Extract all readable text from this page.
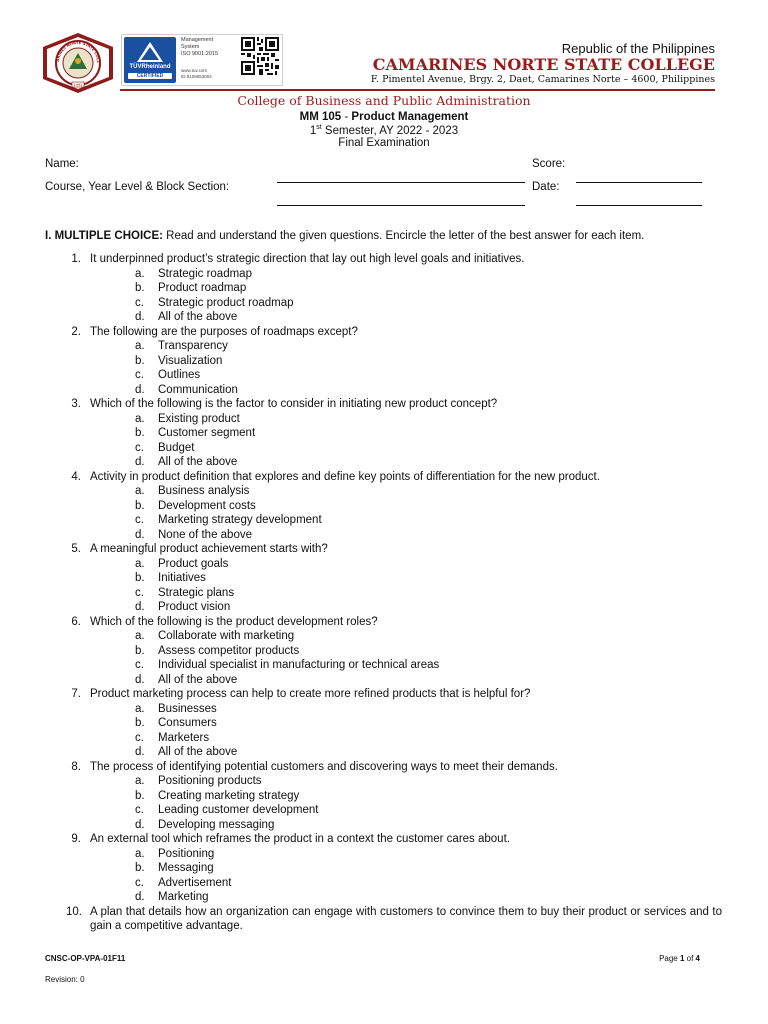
1992
ARINES NORTE STATE COLL
TÜVRheinland
CERTIFIED
Management
System
ISO 9001:2015
www.tuv.com
ID 9108653004
Republic of the Philippines
CAMARINES NORTE STATE COLLEGE
F. Pimentel Avenue, Brgy. 2, Daet, Camarines Norte – 4600, Philippines
College of Business and Public Administration
MM 105 - Product Management
1st Semester, AY 2022 - 2023
Final Examination
Name:	Score:
Course, Year Level & Block Section:	Date:
I. MULTIPLE CHOICE: Read and understand the given questions. Encircle the letter of the best answer for each item.
1. It underpinned product’s strategic direction that lay out high level goals and initiatives.
a. Strategic roadmap
b. Product roadmap
c. Strategic product roadmap
d. All of the above
2. The following are the purposes of roadmaps except?
a. Transparency
b. Visualization
c. Outlines
d. Communication
3. Which of the following is the factor to consider in initiating new product concept?
a. Existing product
b. Customer segment
c. Budget
d. All of the above
4. Activity in product definition that explores and define key points of differentiation for the new product.
a. Business analysis
b. Development costs
c. Marketing strategy development
d. None of the above
5. A meaningful product achievement starts with?
a. Product goals
b. Initiatives
c. Strategic plans
d. Product vision
6. Which of the following is the product development roles?
a. Collaborate with marketing
b. Assess competitor products
c. Individual specialist in manufacturing or technical areas
d. All of the above
7. Product marketing process can help to create more refined products that is helpful for?
a. Businesses
b. Consumers
c. Marketers
d. All of the above
8. The process of identifying potential customers and discovering ways to meet their demands.
a. Positioning products
b. Creating marketing strategy
c. Leading customer development
d. Developing messaging
9. An external tool which reframes the product in a context the customer cares about.
a. Positioning
b. Messaging
c. Advertisement
d. Marketing
10. A plan that details how an organization can engage with customers to convince them to buy their product or services and to gain a competitive advantage.
CNSC-OP-VPA-01F11
Revision: 0
Page 1 of 4
